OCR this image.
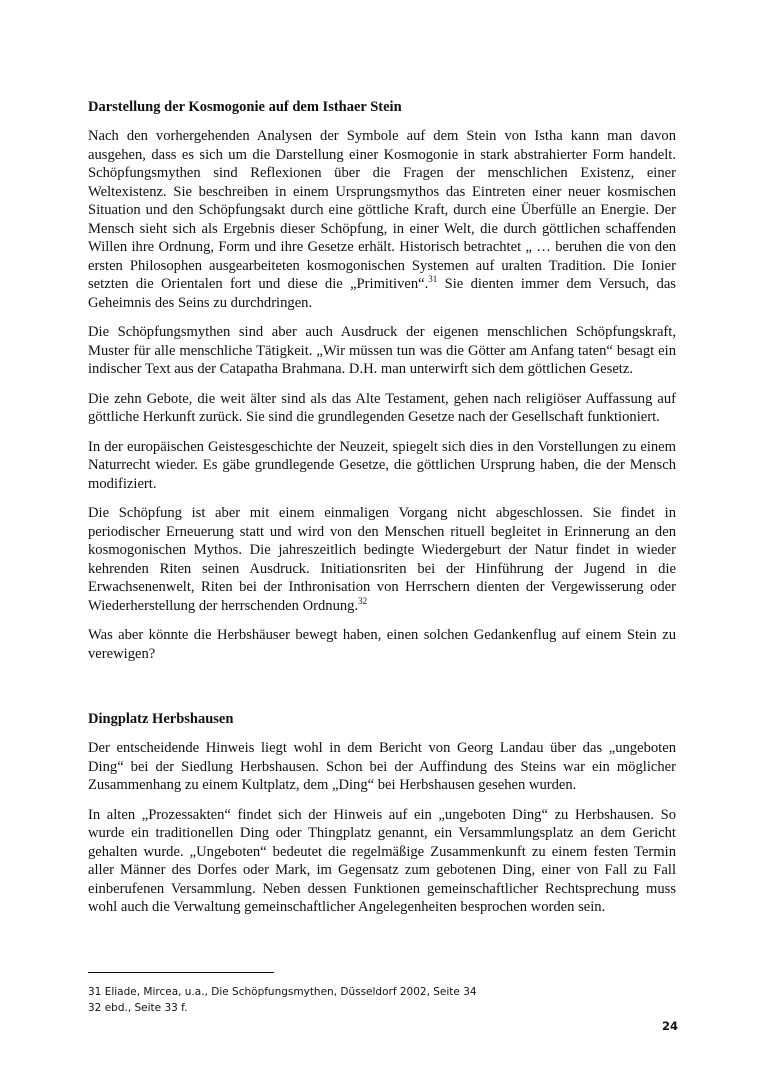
Darstellung der Kosmogonie auf dem Isthaer Stein

Nach den vorhergehenden Analysen der Symbole auf dem Stein von Istha kann man davon ausgehen, dass es sich um die Darstellung einer Kosmogonie in stark abstrahierter Form handelt. Schöpfungsmythen sind Reflexionen über die Fragen der menschlichen Existenz, einer Weltexistenz. Sie beschreiben in einem Ursprungsmythos das Eintreten einer neuer kosmischen Situation und den Schöpfungsakt durch eine göttliche Kraft, durch eine Überfülle an Energie. Der Mensch sieht sich als Ergebnis dieser Schöpfung, in einer Welt, die durch göttlichen schaffenden Willen ihre Ordnung, Form und ihre Gesetze erhält. Historisch betrachtet „ … beruhen die von den ersten Philosophen ausgearbeiteten kosmogonischen Systemen auf uralten Tradition. Die Ionier setzten die Orientalen fort und diese die „Primitiven“.$^{31}$ Sie dienten immer dem Versuch, das Geheimnis des Seins zu durchdringen.

Die Schöpfungsmythen sind aber auch Ausdruck der eigenen menschlichen Schöpfungskraft, Muster für alle menschliche Tätigkeit. „Wir müssen tun was die Götter am Anfang taten“ besagt ein indischer Text aus der Catapatha Brahmana. D.H. man unterwirft sich dem göttlichen Gesetz.

Die zehn Gebote, die weit älter sind als das Alte Testament, gehen nach religiöser Auffassung auf göttliche Herkunft zurück. Sie sind die grundlegenden Gesetze nach der Gesellschaft funktioniert.

In der europäischen Geistesgeschichte der Neuzeit, spiegelt sich dies in den Vorstellungen zu einem Naturrecht wieder. Es gäbe grundlegende Gesetze, die göttlichen Ursprung haben, die der Mensch modifiziert.

Die Schöpfung ist aber mit einem einmaligen Vorgang nicht abgeschlossen. Sie findet in periodischer Erneuerung statt und wird von den Menschen rituell begleitet in Erinnerung an den kosmogonischen Mythos. Die jahreszeitlich bedingte Wiedergeburt der Natur findet in wieder kehrenden Riten seinen Ausdruck. Initiationsriten bei der Hinführung der Jugend in die Erwachsenenwelt, Riten bei der Inthronisation von Herrschern dienten der Vergewisserung oder Wiederherstellung der herrschenden Ordnung.$^{32}$

Was aber könnte die Herbshäuser bewegt haben, einen solchen Gedankenflug auf einem Stein zu verewigen?

Dingplatz Herbshausen

Der entscheidende Hinweis liegt wohl in dem Bericht von Georg Landau über das „ungeboten Ding“ bei der Siedlung Herbshausen. Schon bei der Auffindung des Steins war ein möglicher Zusammenhang zu einem Kultplatz, dem „Ding“ bei Herbshausen gesehen wurden.

In alten „Prozessakten“ findet sich der Hinweis auf ein „ungeboten Ding“ zu Herbshausen. So wurde ein traditionellen Ding oder Thingplatz genannt, ein Versammlungsplatz an dem Gericht gehalten wurde. „Ungeboten“ bedeutet die regelmäßige Zusammenkunft zu einem festen Termin aller Männer des Dorfes oder Mark, im Gegensatz zum gebotenen Ding, einer von Fall zu Fall einberufenen Versammlung. Neben dessen Funktionen gemeinschaftlicher Rechtsprechung muss wohl auch die Verwaltung gemeinschaftlicher Angelegenheiten besprochen worden sein.

31 Eliade, Mircea, u.a., Die Schöpfungsmythen, Düsseldorf 2002, Seite 34

32 ebd., Seite 33 f.

24
